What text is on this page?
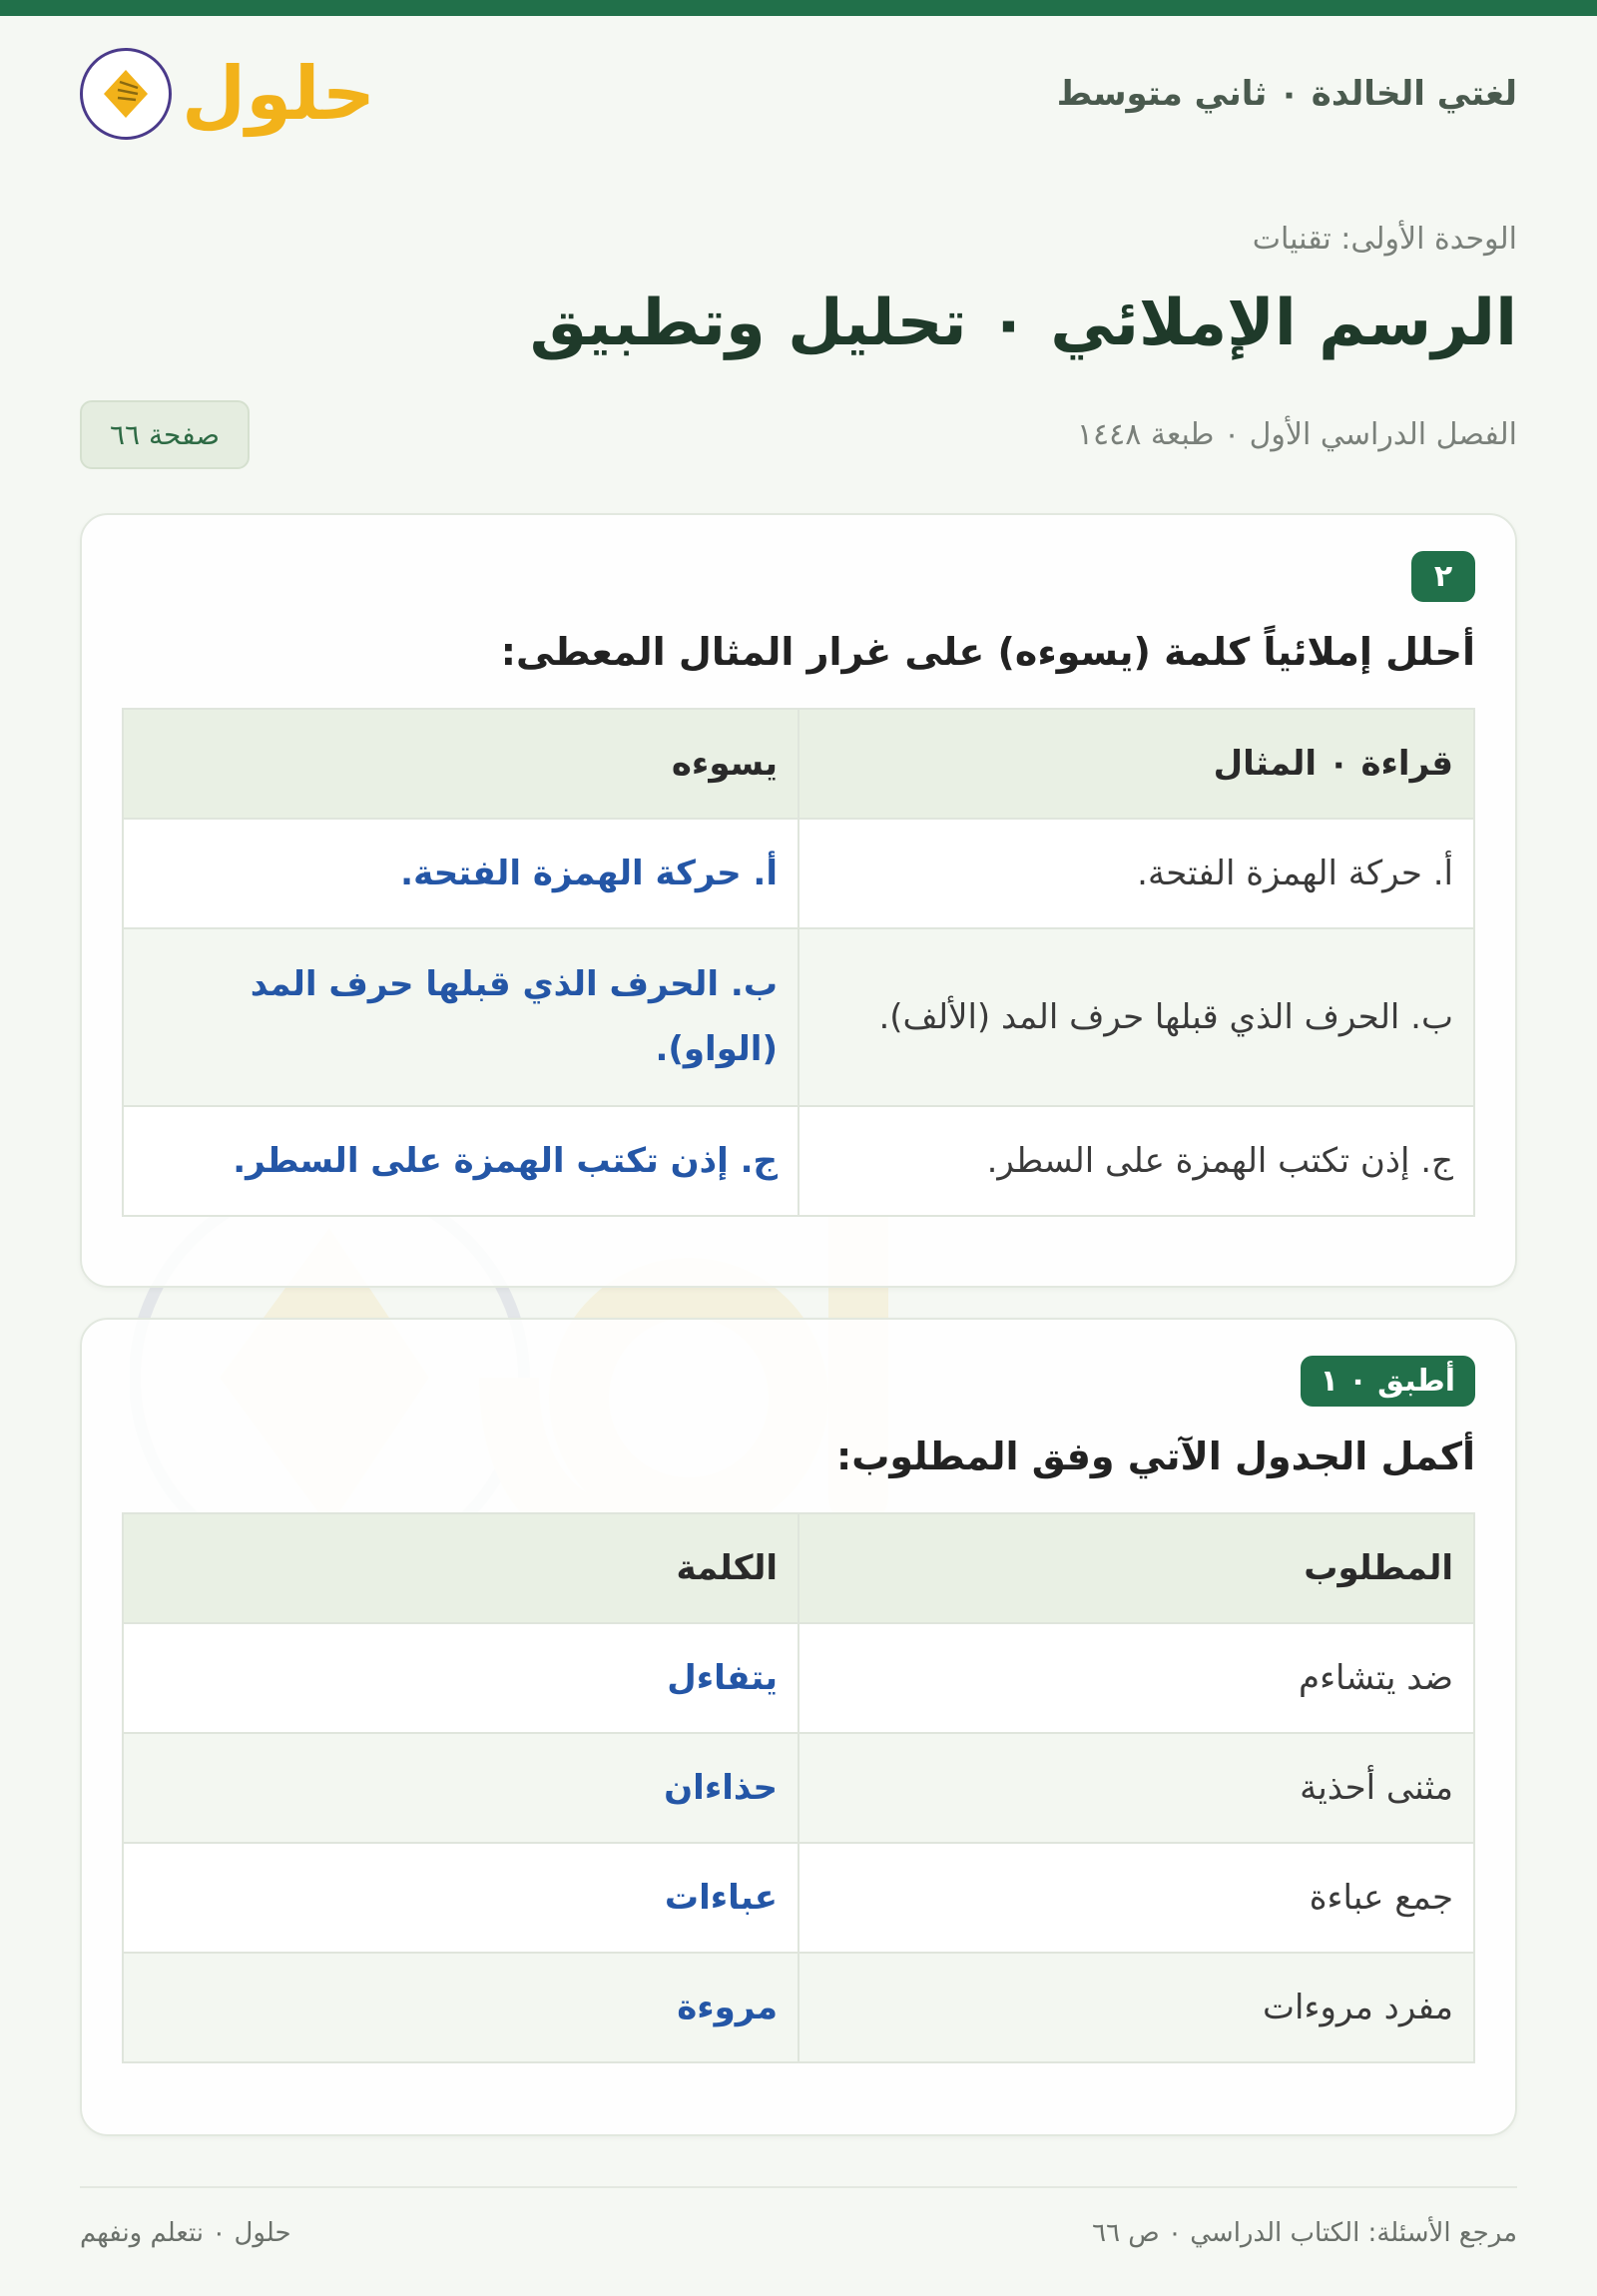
لغتي الخالدة ٠ ثاني متوسط
حلول
الوحدة الأولى: تقنيات
الرسم الإملائي ٠ تحليل وتطبيق
الفصل الدراسي الأول ٠ طبعة ١٤٤٨
صفحة ٦٦
٢
أحلل إملائياً كلمة (يسوءه) على غرار المثال المعطى:
قراءة ٠ المثال	يسوءه
أ. حركة الهمزة الفتحة.	أ. حركة الهمزة الفتحة.
ب. الحرف الذي قبلها حرف المد (الألف).	ب. الحرف الذي قبلها حرف المد (الواو).
ج. إذن تكتب الهمزة على السطر.	ج. إذن تكتب الهمزة على السطر.
أطبق ٠ ١
أكمل الجدول الآتي وفق المطلوب:
المطلوب	الكلمة
ضد يتشاءم	يتفاءل
مثنى أحذية	حذاءان
جمع عباءة	عباءات
مفرد مروءات	مروءة
مرجع الأسئلة: الكتاب الدراسي ٠ ص ٦٦
حلول ٠ نتعلم ونفهم
